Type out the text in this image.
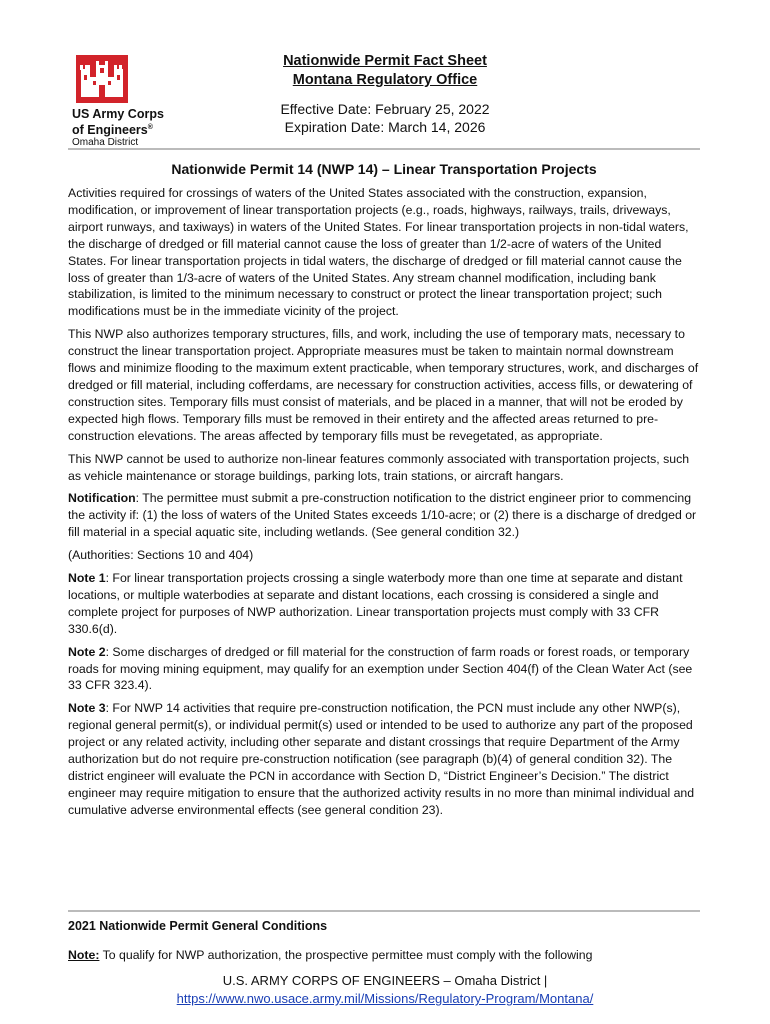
US Army Corps
of Engineers®
Omaha District
Nationwide Permit Fact Sheet
Montana Regulatory Office
Effective Date: February 25, 2022
Expiration Date: March 14, 2026
Nationwide Permit 14 (NWP 14) – Linear Transportation Projects

Activities required for crossings of waters of the United States associated with the construction, expansion, modification, or improvement of linear transportation projects (e.g., roads, highways, railways, trails, driveways, airport runways, and taxiways) in waters of the United States. For linear transportation projects in non-tidal waters, the discharge of dredged or fill material cannot cause the loss of greater than 1/2-acre of waters of the United States. For linear transportation projects in tidal waters, the discharge of dredged or fill material cannot cause the loss of greater than 1/3-acre of waters of the United States. Any stream channel modification, including bank stabilization, is limited to the minimum necessary to construct or protect the linear transportation project; such modifications must be in the immediate vicinity of the project.

This NWP also authorizes temporary structures, fills, and work, including the use of temporary mats, necessary to construct the linear transportation project. Appropriate measures must be taken to maintain normal downstream flows and minimize flooding to the maximum extent practicable, when temporary structures, work, and discharges of dredged or fill material, including cofferdams, are necessary for construction activities, access fills, or dewatering of construction sites. Temporary fills must consist of materials, and be placed in a manner, that will not be eroded by expected high flows. Temporary fills must be removed in their entirety and the affected areas returned to pre-construction elevations. The areas affected by temporary fills must be revegetated, as appropriate.

This NWP cannot be used to authorize non-linear features commonly associated with transportation projects, such as vehicle maintenance or storage buildings, parking lots, train stations, or aircraft hangars.

Notification: The permittee must submit a pre-construction notification to the district engineer prior to commencing the activity if: (1) the loss of waters of the United States exceeds 1/10-acre; or (2) there is a discharge of dredged or fill material in a special aquatic site, including wetlands. (See general condition 32.)

(Authorities: Sections 10 and 404)

Note 1: For linear transportation projects crossing a single waterbody more than one time at separate and distant locations, or multiple waterbodies at separate and distant locations, each crossing is considered a single and complete project for purposes of NWP authorization. Linear transportation projects must comply with 33 CFR 330.6(d).

Note 2: Some discharges of dredged or fill material for the construction of farm roads or forest roads, or temporary roads for moving mining equipment, may qualify for an exemption under Section 404(f) of the Clean Water Act (see 33 CFR 323.4).

Note 3: For NWP 14 activities that require pre-construction notification, the PCN must include any other NWP(s), regional general permit(s), or individual permit(s) used or intended to be used to authorize any part of the proposed project or any related activity, including other separate and distant crossings that require Department of the Army authorization but do not require pre-construction notification (see paragraph (b)(4) of general condition 32). The district engineer will evaluate the PCN in accordance with Section D, “District Engineer’s Decision.” The district engineer may require mitigation to ensure that the authorized activity results in no more than minimal individual and cumulative adverse environmental effects (see general condition 23).

2021 Nationwide Permit General Conditions
Note: To qualify for NWP authorization, the prospective permittee must comply with the following
U.S. ARMY CORPS OF ENGINEERS – Omaha District |
https://www.nwo.usace.army.mil/Missions/Regulatory-Program/Montana/
